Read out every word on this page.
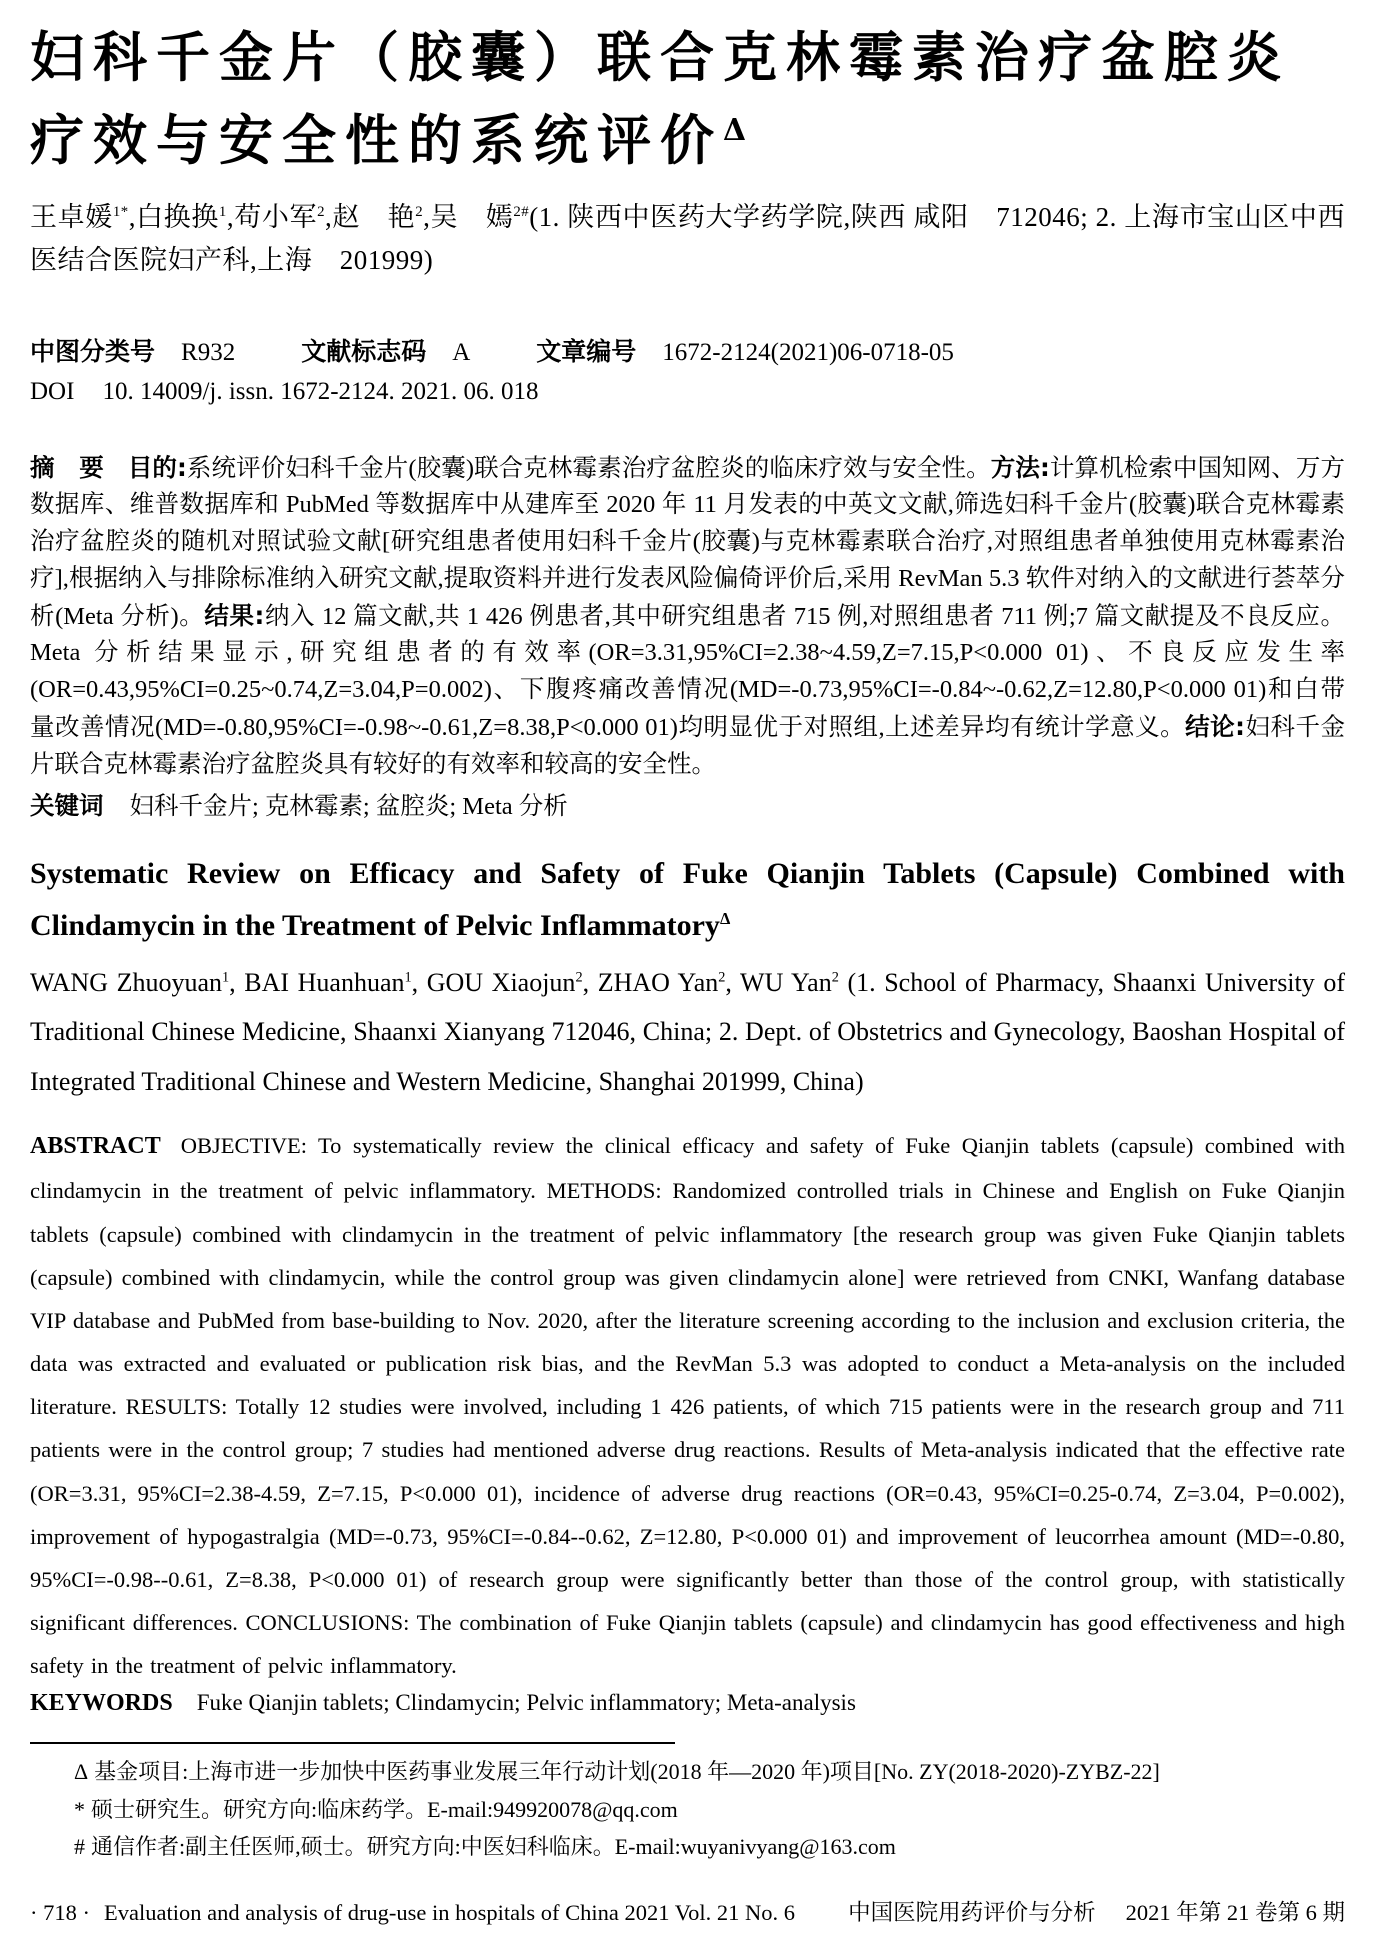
妇科千金片（胶囊）联合克林霉素治疗盆腔炎
疗效与安全性的系统评价$^\Delta$

王卓媛$^{1*}$,白换换$^1$,苟小军$^2$,赵　艳$^2$,吴　嫣$^{2\#}$(1. 陕西中医药大学药学院,陕西 咸阳　712046; 2. 上海市宝山区中西医结合医院妇产科,上海　201999)

中图分类号 R932	文献标志码 A	文章编号 1672-2124(2021)06-0718-05

DOI 10. 14009/j. issn. 1672-2124. 2021. 06. 018

摘　要 目的:系统评价妇科千金片(胶囊)联合克林霉素治疗盆腔炎的临床疗效与安全性。方法:计算机检索中国知网、万方数据库、维普数据库和 PubMed 等数据库中从建库至 2020 年 11 月发表的中英文文献,筛选妇科千金片(胶囊)联合克林霉素治疗盆腔炎的随机对照试验文献[研究组患者使用妇科千金片(胶囊)与克林霉素联合治疗,对照组患者单独使用克林霉素治疗],根据纳入与排除标准纳入研究文献,提取资料并进行发表风险偏倚评价后,采用 RevMan 5.3 软件对纳入的文献进行荟萃分析(Meta 分析)。结果:纳入 12 篇文献,共 1 426 例患者,其中研究组患者 715 例,对照组患者 711 例;7 篇文献提及不良反应。Meta 分析结果显示,研究组患者的有效率(OR=3.31,95%CI=2.38~4.59,Z=7.15,P<0.000 01)、不良反应发生率(OR=0.43,95%CI=0.25~0.74,Z=3.04,P=0.002)、下腹疼痛改善情况(MD=-0.73,95%CI=-0.84~-0.62,Z=12.80,P<0.000 01)和白带量改善情况(MD=-0.80,95%CI=-0.98~-0.61,Z=8.38,P<0.000 01)均明显优于对照组,上述差异均有统计学意义。结论:妇科千金片联合克林霉素治疗盆腔炎具有较好的有效率和较高的安全性。

关键词 妇科千金片; 克林霉素; 盆腔炎; Meta 分析

Systematic Review on Efficacy and Safety of Fuke Qianjin Tablets (Capsule) Combined with Clindamycin in the Treatment of Pelvic Inflammatory$^\Delta$

WANG Zhuoyuan$^1$, BAI Huanhuan$^1$, GOU Xiaojun$^2$, ZHAO Yan$^2$, WU Yan$^2$ (1. School of Pharmacy, Shaanxi University of Traditional Chinese Medicine, Shaanxi Xianyang 712046, China; 2. Dept. of Obstetrics and Gynecology, Baoshan Hospital of Integrated Traditional Chinese and Western Medicine, Shanghai 201999, China)

ABSTRACT OBJECTIVE: To systematically review the clinical efficacy and safety of Fuke Qianjin tablets (capsule) combined with clindamycin in the treatment of pelvic inflammatory. METHODS: Randomized controlled trials in Chinese and English on Fuke Qianjin tablets (capsule) combined with clindamycin in the treatment of pelvic inflammatory [the research group was given Fuke Qianjin tablets (capsule) combined with clindamycin, while the control group was given clindamycin alone] were retrieved from CNKI, Wanfang database VIP database and PubMed from base-building to Nov. 2020, after the literature screening according to the inclusion and exclusion criteria, the data was extracted and evaluated or publication risk bias, and the RevMan 5.3 was adopted to conduct a Meta-analysis on the included literature. RESULTS: Totally 12 studies were involved, including 1 426 patients, of which 715 patients were in the research group and 711 patients were in the control group; 7 studies had mentioned adverse drug reactions. Results of Meta-analysis indicated that the effective rate (OR=3.31, 95%CI=2.38-4.59, Z=7.15, P<0.000 01), incidence of adverse drug reactions (OR=0.43, 95%CI=0.25-0.74, Z=3.04, P=0.002), improvement of hypogastralgia (MD=-0.73, 95%CI=-0.84--0.62, Z=12.80, P<0.000 01) and improvement of leucorrhea amount (MD=-0.80, 95%CI=-0.98--0.61, Z=8.38, P<0.000 01) of research group were significantly better than those of the control group, with statistically significant differences. CONCLUSIONS: The combination of Fuke Qianjin tablets (capsule) and clindamycin has good effectiveness and high safety in the treatment of pelvic inflammatory.

KEYWORDS Fuke Qianjin tablets; Clindamycin; Pelvic inflammatory; Meta-analysis

Δ 基金项目:上海市进一步加快中医药事业发展三年行动计划(2018 年—2020 年)项目[No. ZY(2018-2020)-ZYBZ-22]

* 硕士研究生。研究方向:临床药学。E-mail:949920078@qq.com

# 通信作者:副主任医师,硕士。研究方向:中医妇科临床。E-mail:wuyanivyang@163.com

· 718 · Evaluation and analysis of drug-use in hospitals of China 2021 Vol. 21 No. 6 中国医院用药评价与分析 2021 年第 21 卷第 6 期
